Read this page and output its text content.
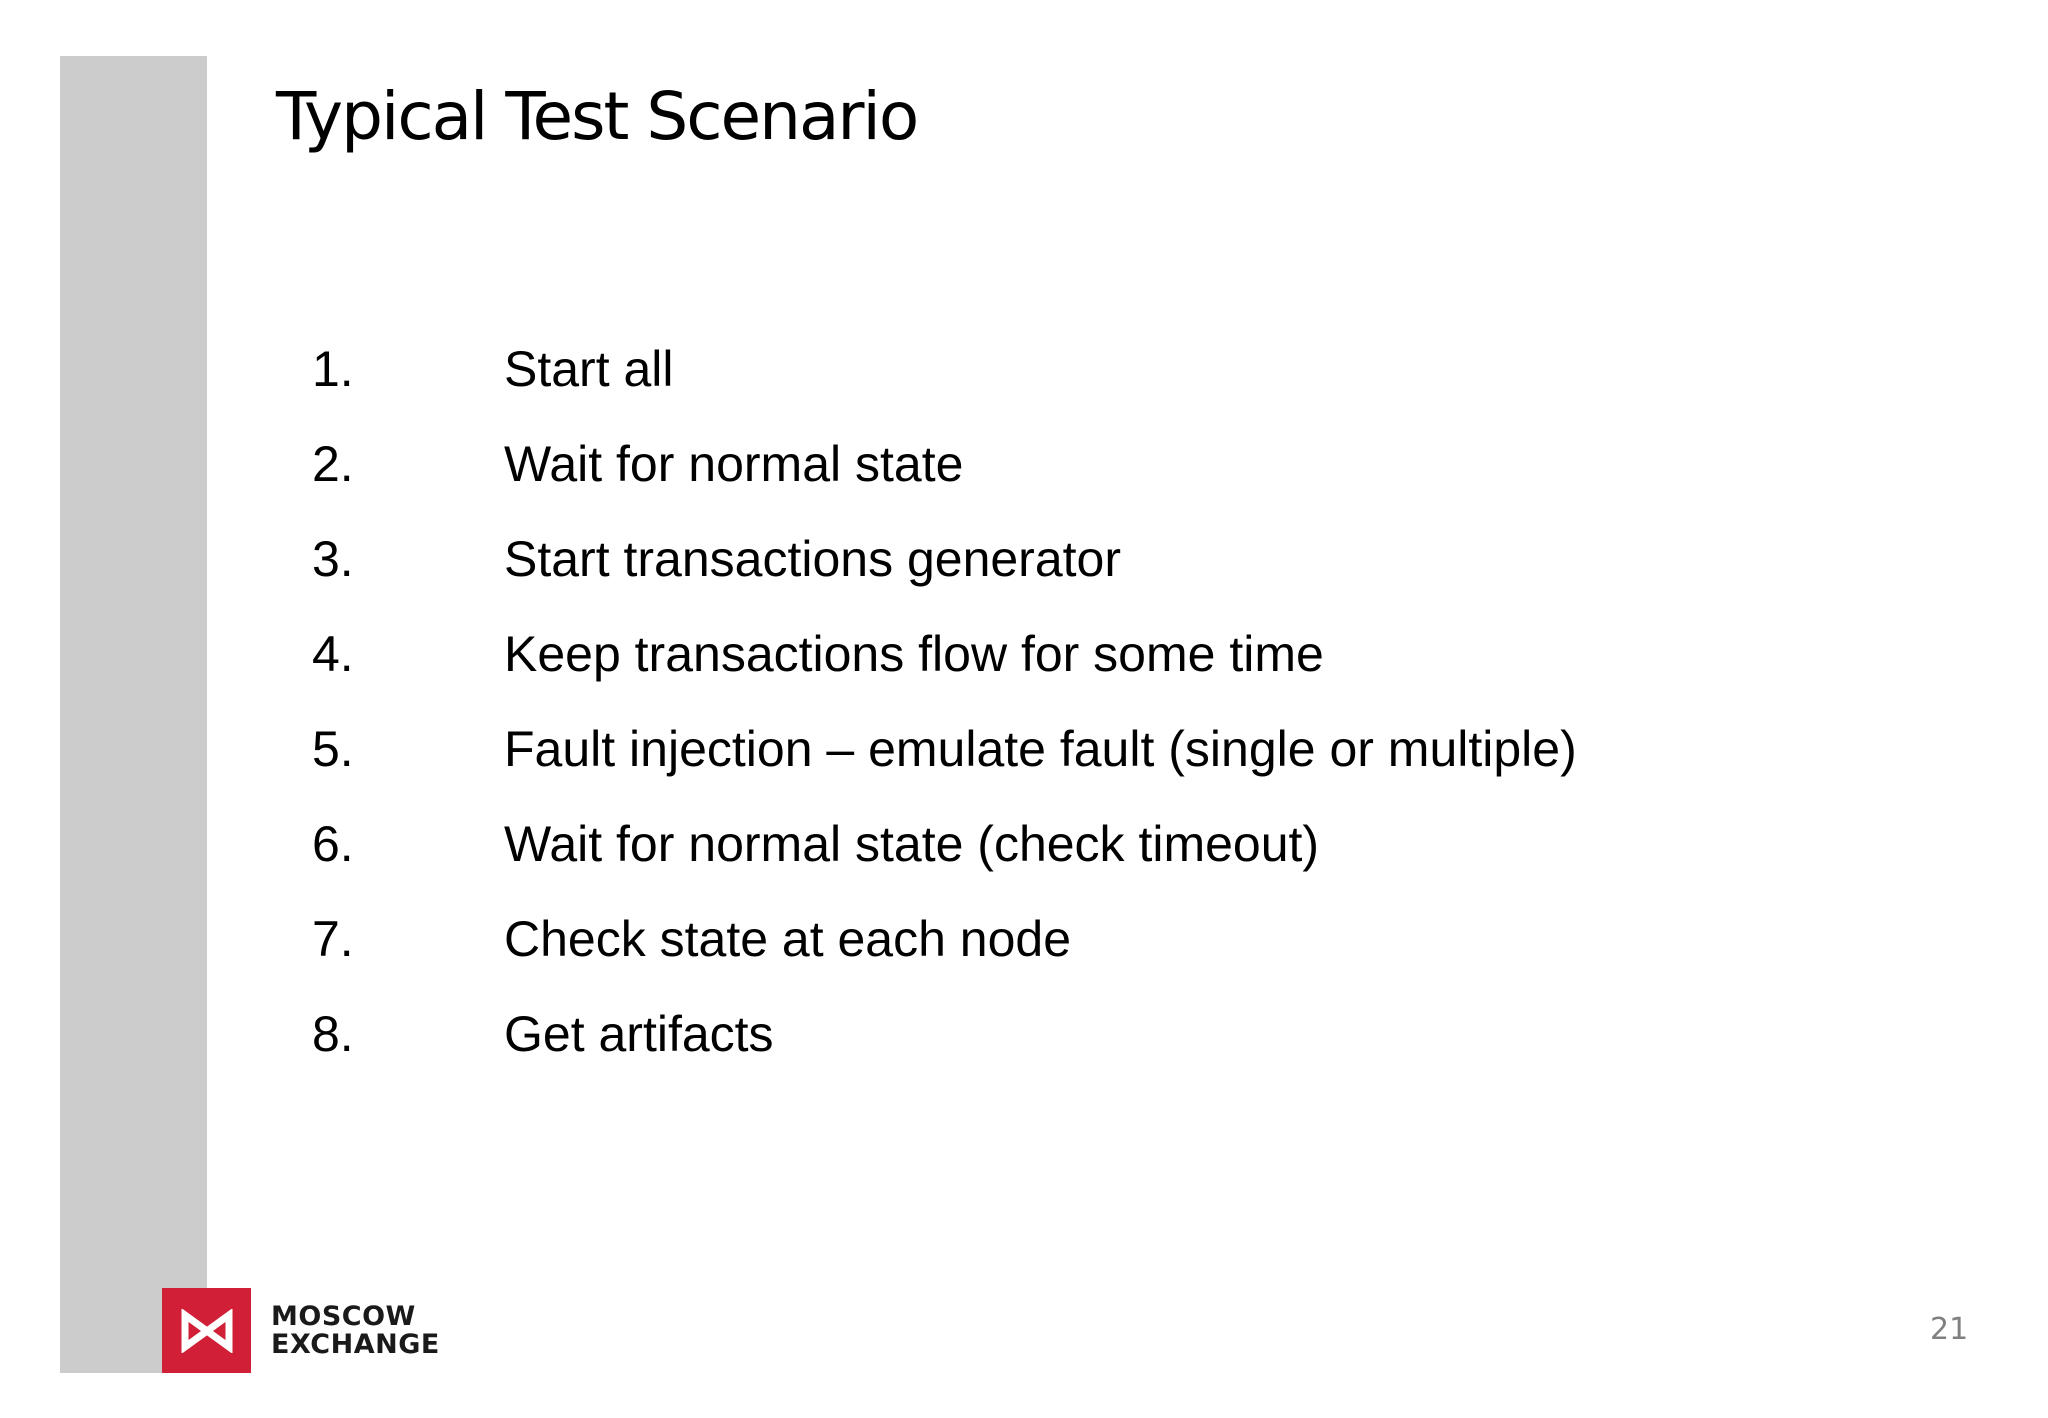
Typical Test Scenario
1.	Start all
2.	Wait for normal state
3.	Start transactions generator
4.	Keep transactions flow for some time
5.	Fault injection – emulate fault (single or multiple)
6.	Wait for normal state (check timeout)
7.	Check state at each node
8.	Get artifacts
MOSCOW
EXCHANGE	21
